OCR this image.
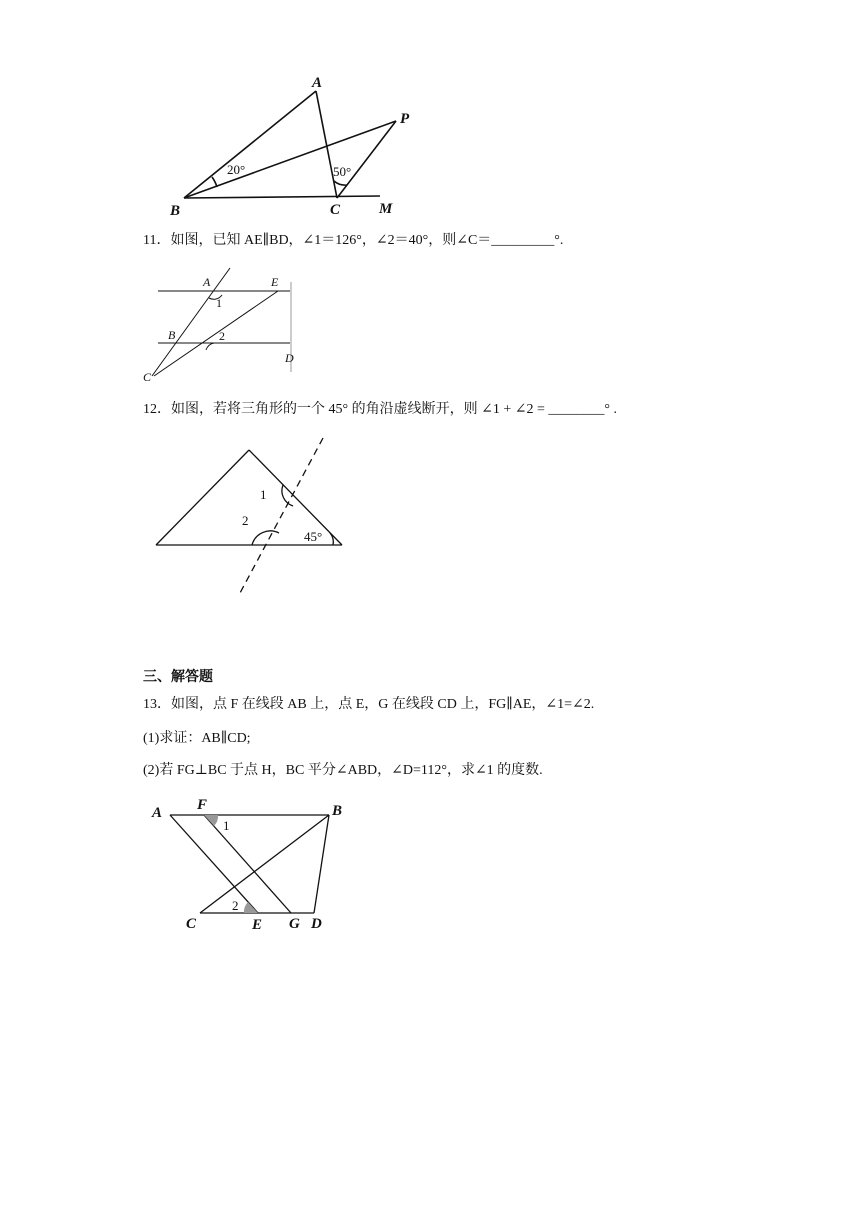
A
B	C	M
P
20°	50°
11．如图，已知 AE∥BD，∠1＝126°，∠2＝40°，则∠C＝_________°.
A	E
B
D
C
1
2
12．如图，若将三角形的一个 45° 的角沿虚线断开，则 ∠1 + ∠2 = ________° .
1
2
45°
三、解答题
13．如图，点 F 在线段 AB 上，点 E，G 在线段 CD 上，FG∥AE，∠1=∠2.
(1)求证：AB∥CD;
(2)若 FG⊥BC 于点 H，BC 平分∠ABD，∠D=112°，求∠1 的度数.
A F	B
C	E G D
1
2
